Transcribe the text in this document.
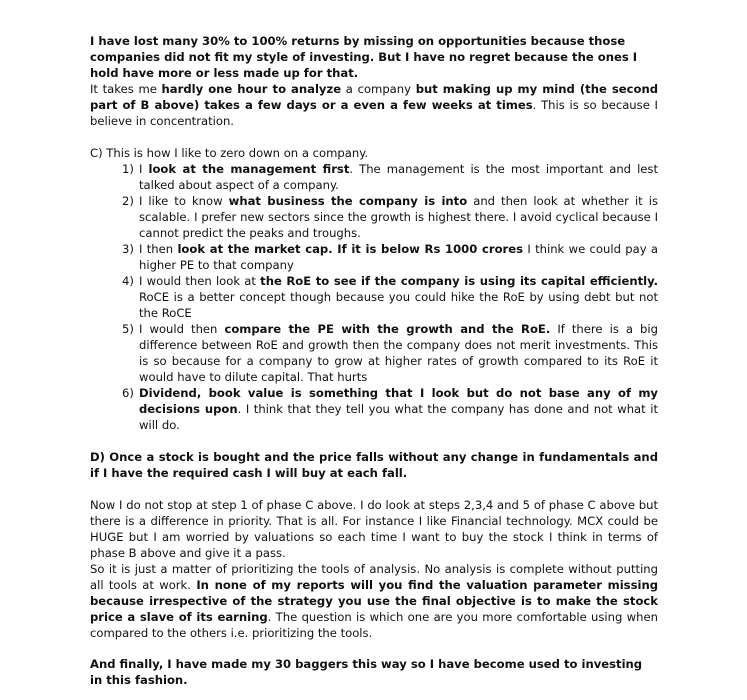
I have lost many 30% to 100% returns by missing on opportunities because those companies did not fit my style of investing. But I have no regret because the ones I hold have more or less made up for that.

It takes me hardly one hour to analyze a company but making up my mind (the second part of B above) takes a few days or a even a few weeks at times. This is so because I believe in concentration.

C) This is how I like to zero down on a company.

1) I look at the management first. The management is the most important and lest talked about aspect of a company.
2) I like to know what business the company is into and then look at whether it is scalable. I prefer new sectors since the growth is highest there. I avoid cyclical because I cannot predict the peaks and troughs.
3) I then look at the market cap. If it is below Rs 1000 crores I think we could pay a higher PE to that company
4) I would then look at the RoE to see if the company is using its capital efficiently. RoCE is a better concept though because you could hike the RoE by using debt but not the RoCE
5) I would then compare the PE with the growth and the RoE. If there is a big difference between RoE and growth then the company does not merit investments. This is so because for a company to grow at higher rates of growth compared to its RoE it would have to dilute capital. That hurts
6) Dividend, book value is something that I look but do not base any of my decisions upon. I think that they tell you what the company has done and not what it will do.

D) Once a stock is bought and the price falls without any change in fundamentals and if I have the required cash I will buy at each fall.

Now I do not stop at step 1 of phase C above. I do look at steps 2,3,4 and 5 of phase C above but there is a difference in priority. That is all. For instance I like Financial technology. MCX could be HUGE but I am worried by valuations so each time I want to buy the stock I think in terms of phase B above and give it a pass.

So it is just a matter of prioritizing the tools of analysis. No analysis is complete without putting all tools at work. In none of my reports will you find the valuation parameter missing because irrespective of the strategy you use the final objective is to make the stock price a slave of its earning. The question is which one are you more comfortable using when compared to the others i.e. prioritizing the tools.

And finally, I have made my 30 baggers this way so I have become used to investing in this fashion.
